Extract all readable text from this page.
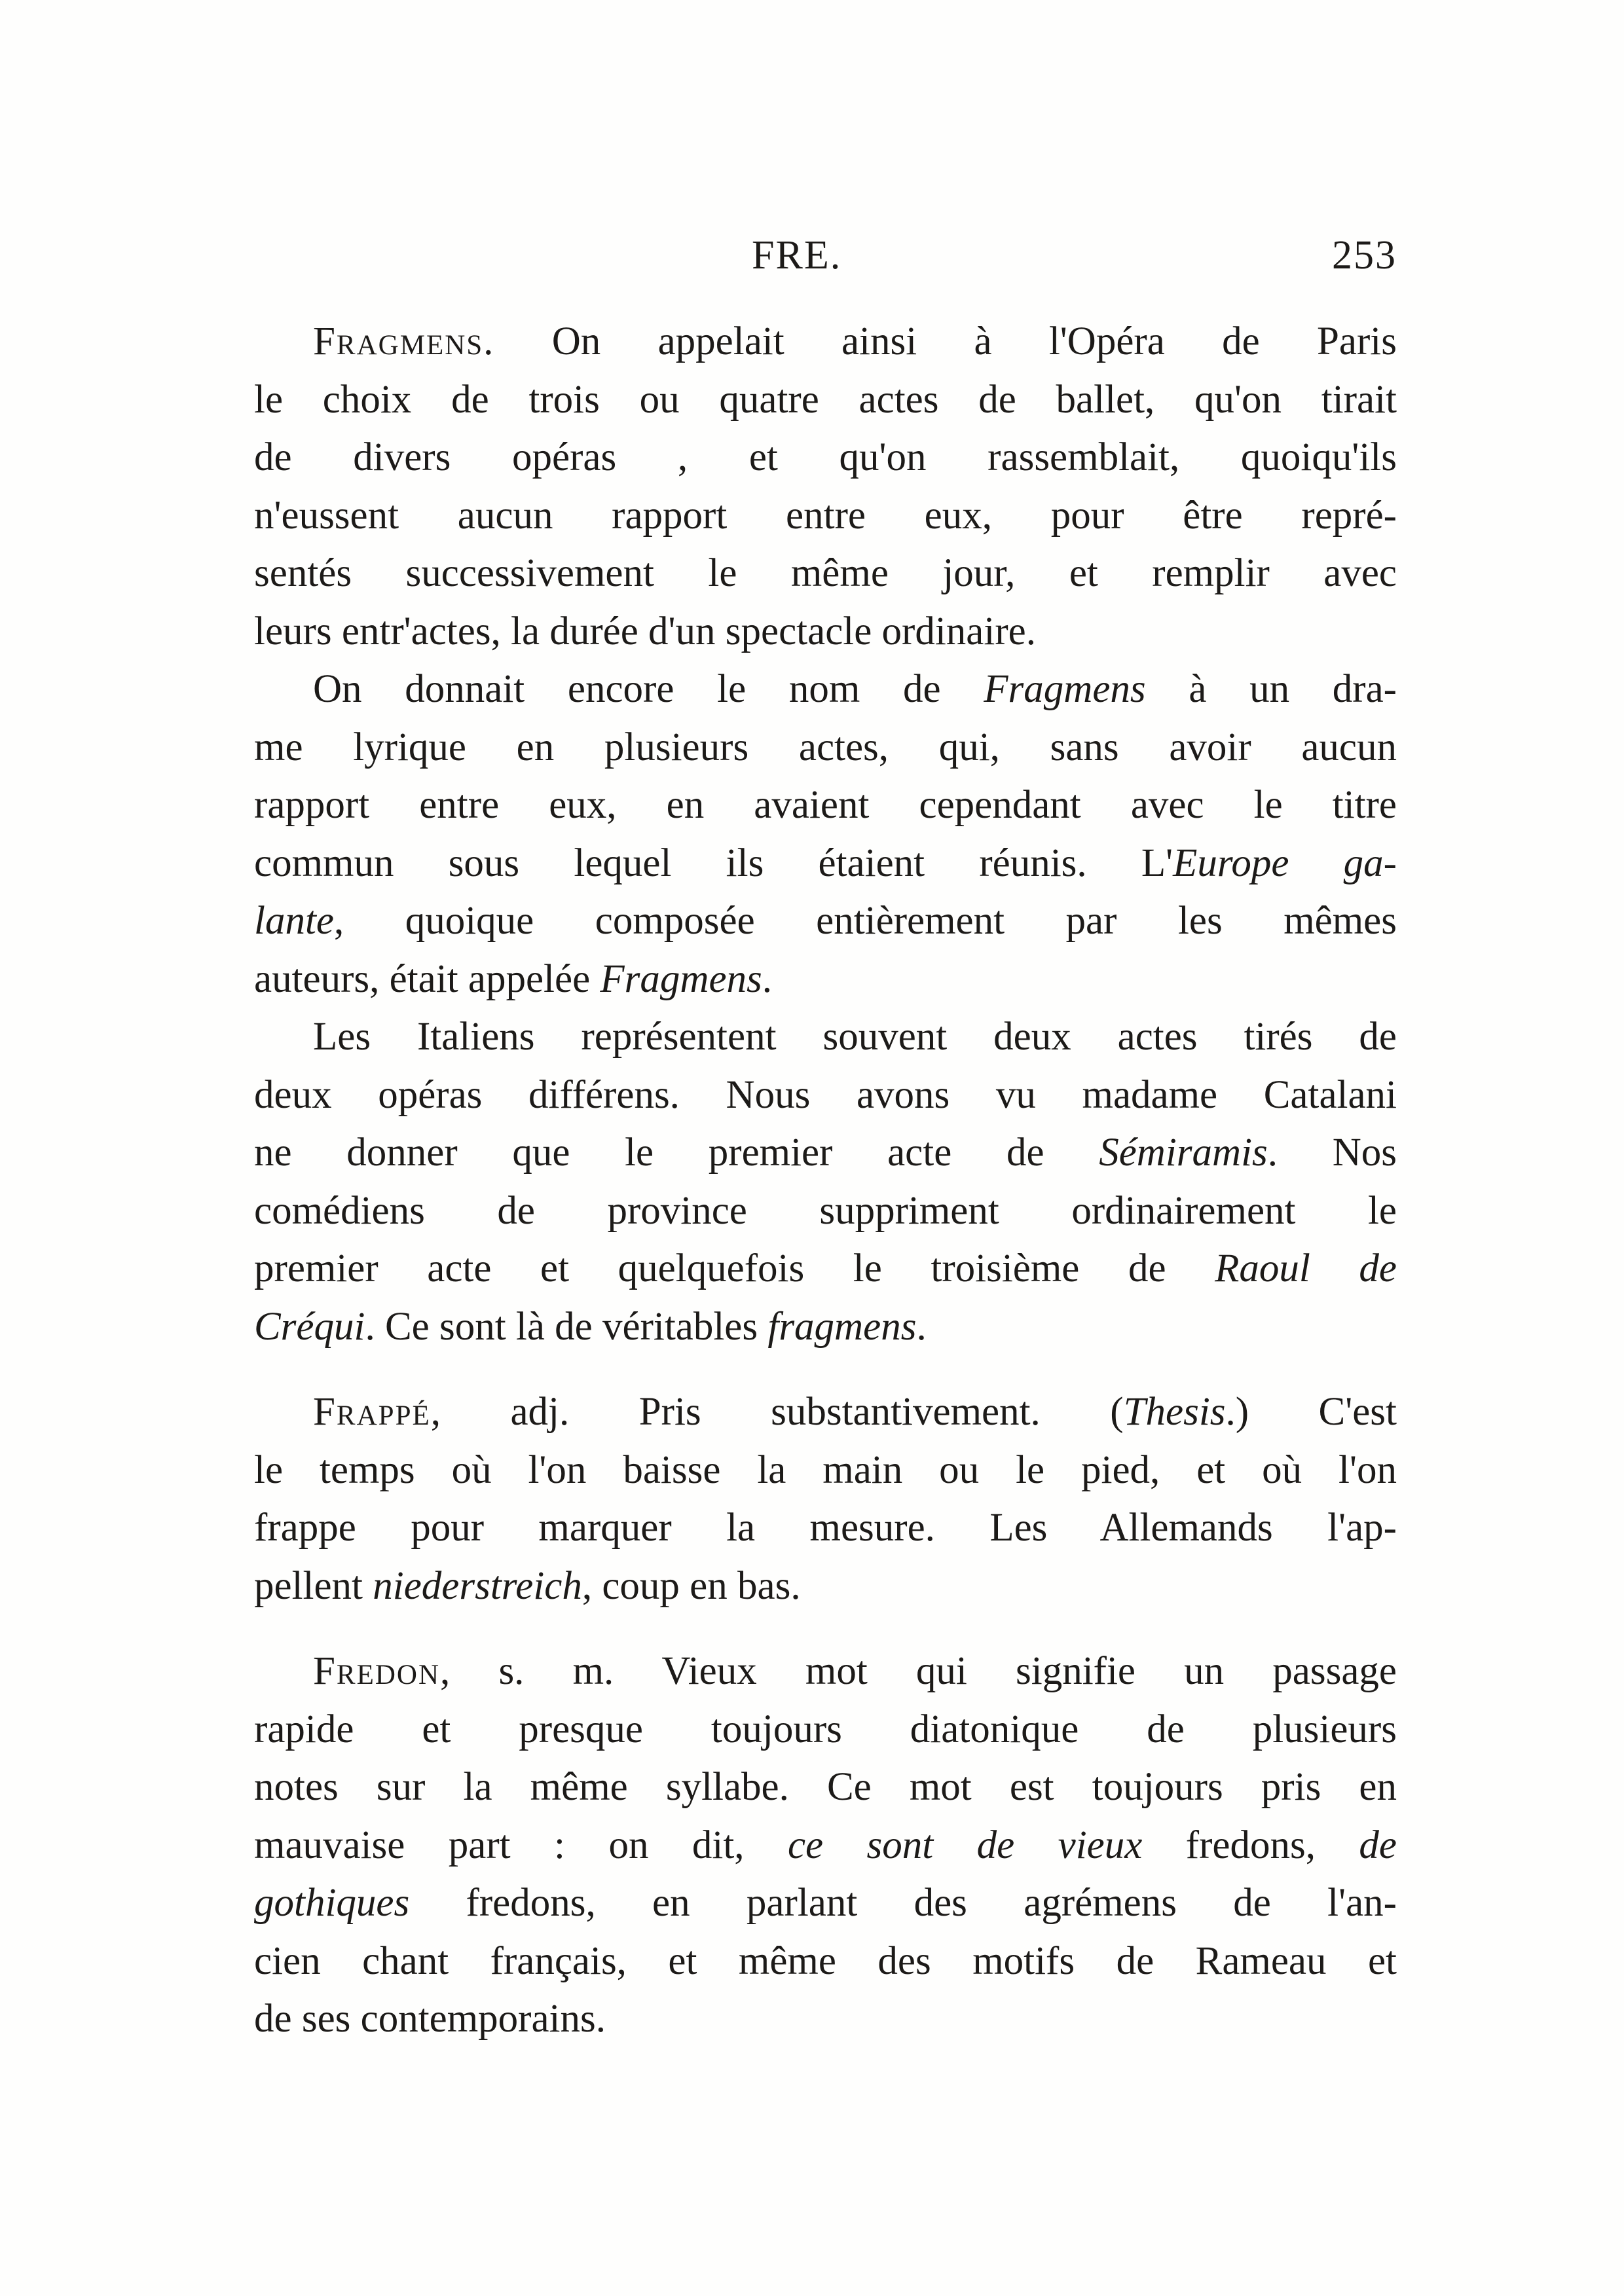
FRE.	253
Fragmens. On appelait ainsi à l'Opéra de Paris
le choix de trois ou quatre actes de ballet, qu'on tirait
de divers opéras , et qu'on rassemblait, quoiqu'ils
n'eussent aucun rapport entre eux, pour être repré-
sentés successivement le même jour, et remplir avec
leurs entr'actes, la durée d'un spectacle ordinaire.
On donnait encore le nom de Fragmens à un dra-
me lyrique en plusieurs actes, qui, sans avoir aucun
rapport entre eux, en avaient cependant avec le titre
commun sous lequel ils étaient réunis. L'Europe ga-
lante, quoique composée entièrement par les mêmes
auteurs, était appelée Fragmens.
Les Italiens représentent souvent deux actes tirés de
deux opéras différens. Nous avons vu madame Catalani
ne donner que le premier acte de Sémiramis. Nos
comédiens de province suppriment ordinairement le
premier acte et quelquefois le troisième de Raoul de
Créqui. Ce sont là de véritables fragmens.
Frappé, adj. Pris substantivement. (Thesis.) C'est
le temps où l'on baisse la main ou le pied, et où l'on
frappe pour marquer la mesure. Les Allemands l'ap-
pellent niederstreich, coup en bas.
Fredon, s. m. Vieux mot qui signifie un passage
rapide et presque toujours diatonique de plusieurs
notes sur la même syllabe. Ce mot est toujours pris en
mauvaise part : on dit, ce sont de vieux fredons, de
gothiques fredons, en parlant des agrémens de l'an-
cien chant français, et même des motifs de Rameau et
de ses contemporains.
